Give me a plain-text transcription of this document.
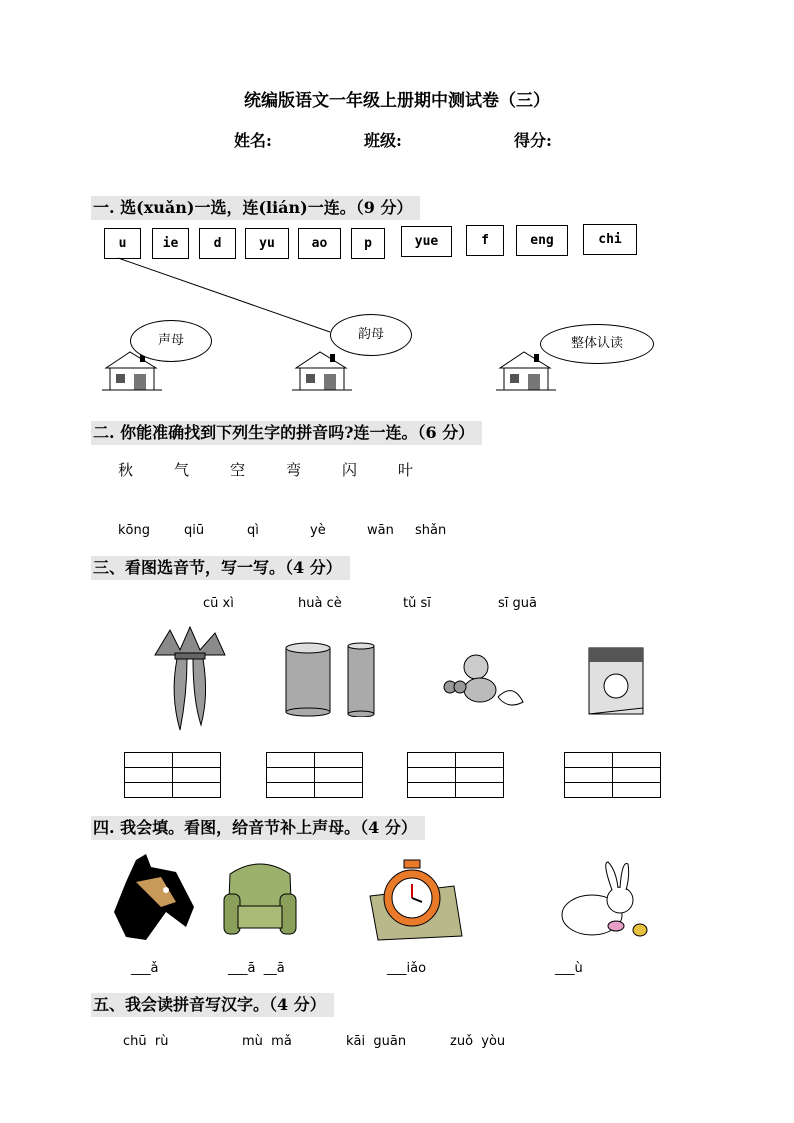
统编版语文一年级上册期中测试卷（三）
姓名:	班级:	得分:
一. 选(xuǎn)一选，连(lián)一连。（9 分）
u	ie	d	yu	ao	p	yue	f	eng	chi
声母	韵母
整体认读
二. 你能准确找到下列生字的拼音吗?连一连。（6 分）
秋	气	空	弯	闪	叶
kōng	qiū	qì	yè	wān shǎn
三、看图选音节，写一写。（4 分）
cū xì	huà cè	tǔ sī	sī guā

四. 我会填。看图，给音节补上声母。（4 分）
___ǎ	___ā  __ā	___iǎo	___ù
五、我会读拼音写汉字。（4 分）
chū  rù	mù  mǎ	kāi  guān	zuǒ  yòu
